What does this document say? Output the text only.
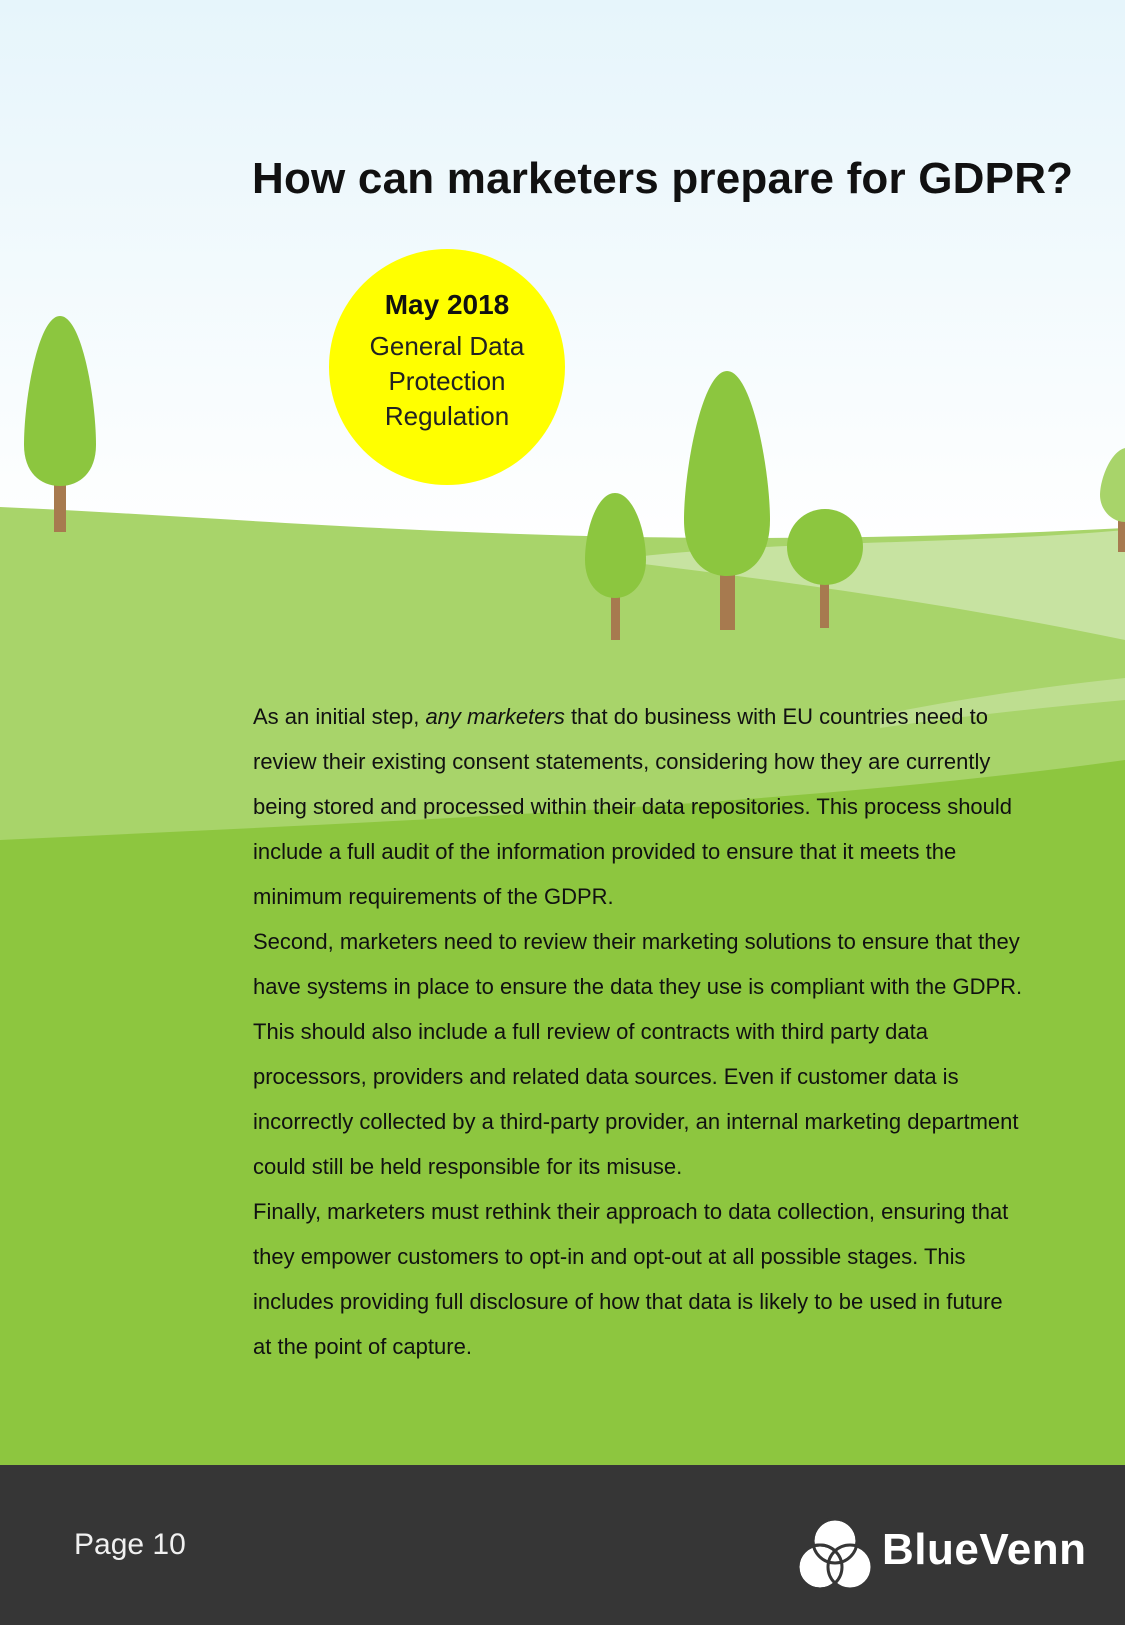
How can marketers prepare for GDPR?
May 2018
General Data
Protection
Regulation

As an initial step, any marketers that do business with EU countries need to review their existing consent statements, considering how they are currently being stored and processed within their data repositories. This process should include a full audit of the information provided to ensure that it meets the minimum requirements of the GDPR.

Second, marketers need to review their marketing solutions to ensure that they have systems in place to ensure the data they use is compliant with the GDPR. This should also include a full review of contracts with third party data processors, providers and related data sources. Even if customer data is incorrectly collected by a third-party provider, an internal marketing department could still be held responsible for its misuse.

Finally, marketers must rethink their approach to data collection, ensuring that they empower customers to opt-in and opt-out at all possible stages. This includes providing full disclosure of how that data is likely to be used in future at the point of capture.

Page 10	BlueVenn
